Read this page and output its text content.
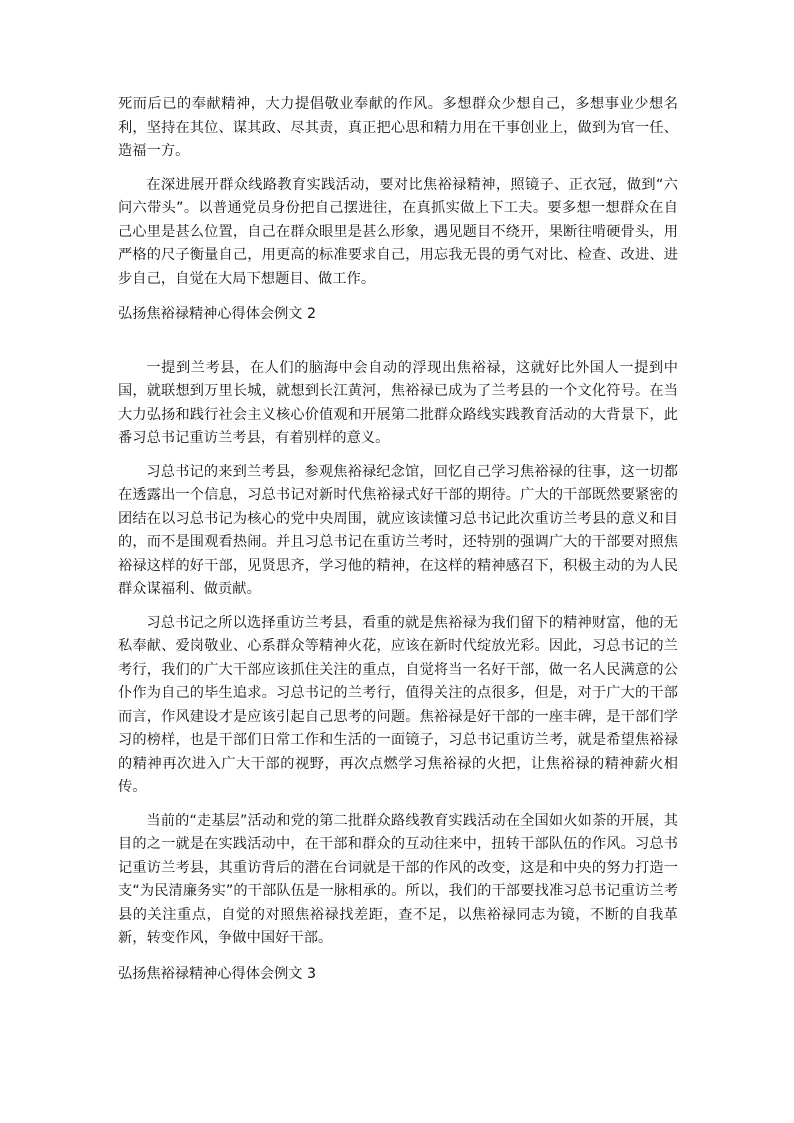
死而后已的奉献精神，大力提倡敬业奉献的作风。多想群众少想自己，多想事业少想名利，坚持在其位、谋其政、尽其责，真正把心思和精力用在干事创业上，做到为官一任、造福一方。

在深进展开群众线路教育实践活动，要对比焦裕禄精神，照镜子、正衣冠，做到“六问六带头”。以普通党员身份把自己摆进往，在真抓实做上下工夫。要多想一想群众在自己心里是甚么位置，自己在群众眼里是甚么形象，遇见题目不绕开，果断往啃硬骨头，用严格的尺子衡量自己，用更高的标准要求自己，用忘我无畏的勇气对比、检查、改进、进步自己，自觉在大局下想题目、做工作。

弘扬焦裕禄精神心得体会例文 2

一提到兰考县，在人们的脑海中会自动的浮现出焦裕禄，这就好比外国人一提到中国，就联想到万里长城，就想到长江黄河，焦裕禄已成为了兰考县的一个文化符号。在当大力弘扬和践行社会主义核心价值观和开展第二批群众路线实践教育活动的大背景下，此番习总书记重访兰考县，有着别样的意义。

习总书记的来到兰考县，参观焦裕禄纪念馆，回忆自己学习焦裕禄的往事，这一切都在透露出一个信息，习总书记对新时代焦裕禄式好干部的期待。广大的干部既然要紧密的团结在以习总书记为核心的党中央周围，就应该读懂习总书记此次重访兰考县的意义和目的，而不是围观看热闹。并且习总书记在重访兰考时，还特别的强调广大的干部要对照焦裕禄这样的好干部，见贤思齐，学习他的精神，在这样的精神感召下，积极主动的为人民群众谋福利、做贡献。

习总书记之所以选择重访兰考县，看重的就是焦裕禄为我们留下的精神财富，他的无私奉献、爱岗敬业、心系群众等精神火花，应该在新时代绽放光彩。因此，习总书记的兰考行，我们的广大干部应该抓住关注的重点，自觉将当一名好干部，做一名人民满意的公仆作为自己的毕生追求。习总书记的兰考行，值得关注的点很多，但是，对于广大的干部而言，作风建设才是应该引起自己思考的问题。焦裕禄是好干部的一座丰碑，是干部们学习的榜样，也是干部们日常工作和生活的一面镜子，习总书记重访兰考，就是希望焦裕禄的精神再次进入广大干部的视野，再次点燃学习焦裕禄的火把，让焦裕禄的精神薪火相传。

当前的“走基层”活动和党的第二批群众路线教育实践活动在全国如火如荼的开展，其目的之一就是在实践活动中，在干部和群众的互动往来中，扭转干部队伍的作风。习总书记重访兰考县，其重访背后的潜在台词就是干部的作风的改变，这是和中央的努力打造一支“为民清廉务实”的干部队伍是一脉相承的。所以，我们的干部要找准习总书记重访兰考县的关注重点，自觉的对照焦裕禄找差距，查不足，以焦裕禄同志为镜，不断的自我革新，转变作风，争做中国好干部。

弘扬焦裕禄精神心得体会例文 3
